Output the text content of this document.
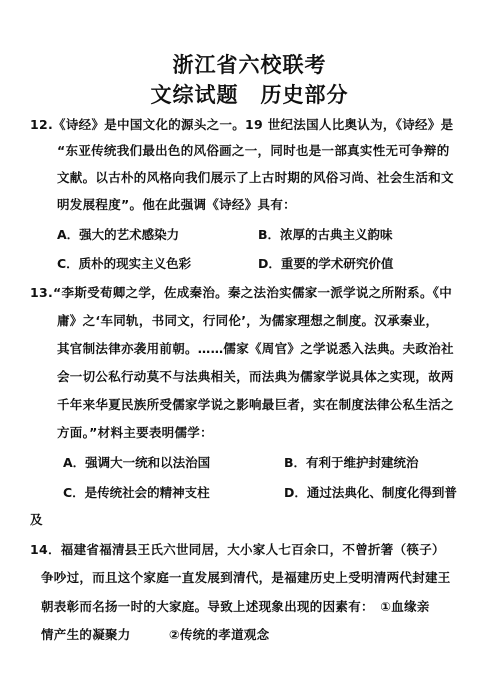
浙江省六校联考
文综试题　历史部分
12.《诗经》是中国文化的源头之一。19 世纪法国人比奥认为，《诗经》是
“东亚传统我们最出色的风俗画之一，同时也是一部真实性无可争辩的
文献。以古朴的风格向我们展示了上古时期的风俗习尚、社会生活和文
明发展程度”。他在此强调《诗经》具有：
A．强大的艺术感染力	B．浓厚的古典主义韵味
C．质朴的现实主义色彩	D．重要的学术研究价值
13.“李斯受荀卿之学，佐成秦治。秦之法治实儒家一派学说之所附系。《中
庸》之‘车同轨，书同文，行同伦’，为儒家理想之制度。汉承秦业，
其官制法律亦袭用前朝。……儒家《周官》之学说悉入法典。夫政治社
会一切公私行动莫不与法典相关，而法典为儒家学说具体之实现，故两
千年来华夏民族所受儒家学说之影响最巨者，实在制度法律公私生活之
方面。”材料主要表明儒学：
A．强调大一统和以法治国	B．有利于维护封建统治
C．是传统社会的精神支柱	D．通过法典化、制度化得到普
及
14．福建省福清县王氏六世同居，大小家人七百余口，不曾折箸（筷子）
争吵过，而且这个家庭一直发展到清代，是福建历史上受明清两代封建王
朝表彰而名扬一时的大家庭。导致上述现象出现的因素有：　①血缘亲
情产生的凝聚力　　　②传统的孝道观念
